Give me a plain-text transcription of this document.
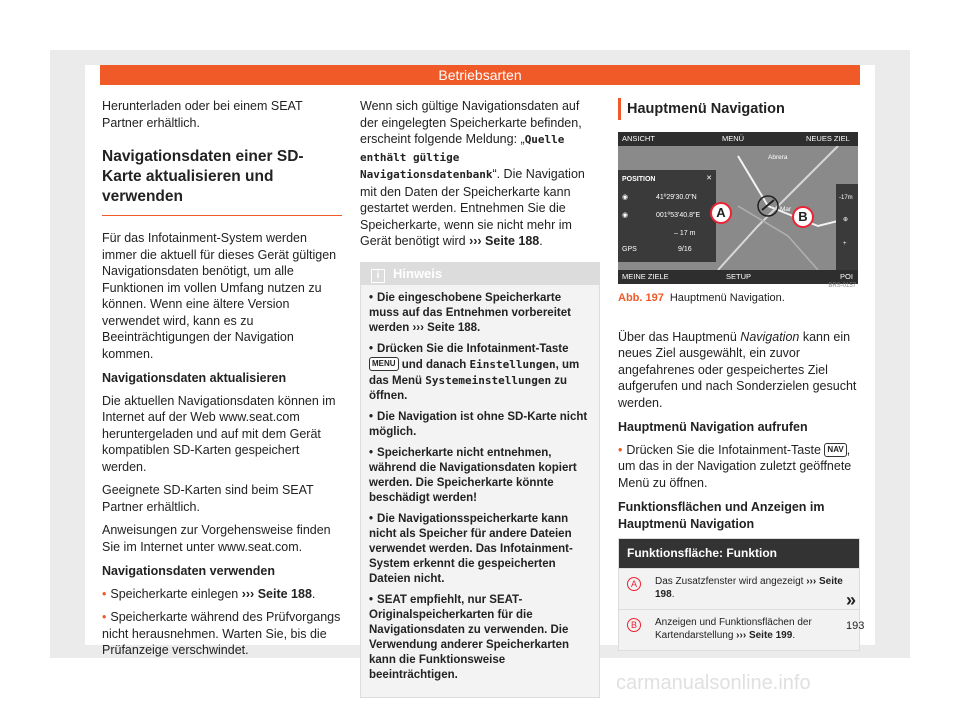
Betriebsarten

Herunterladen oder bei einem SEAT Partner erhältlich.

Navigationsdaten einer SD-Karte aktualisieren und verwenden

Für das Infotainment-System werden immer die aktuell für dieses Gerät gültigen Navigationsdaten benötigt, um alle Funktionen im vollen Umfang nutzen zu können. Wenn eine ältere Version verwendet wird, kann es zu Beeinträchtigungen der Navigation kommen.

Navigationsdaten aktualisieren

Die aktuellen Navigationsdaten können im Internet auf der Web www.seat.com heruntergeladen und auf mit dem Gerät kompatiblen SD-Karten gespeichert werden.

Geeignete SD-Karten sind beim SEAT Partner erhältlich.

Anweisungen zur Vorgehensweise finden Sie im Internet unter www.seat.com.

Navigationsdaten verwenden

• Speicherkarte einlegen ››› Seite 188.

• Speicherkarte während des Prüfvorgangs nicht herausnehmen. Warten Sie, bis die Prüfanzeige verschwindet.

Wenn sich gültige Navigationsdaten auf der eingelegten Speicherkarte befinden, erscheint folgende Meldung: „Quelle enthält gültige Navigationsdatenbank“. Die Navigation mit den Daten der Speicherkarte kann gestartet werden. Entnehmen Sie die Speicherkarte, wenn sie nicht mehr im Gerät benötigt wird ››› Seite 188.

i Hinweis

• Die eingeschobene Speicherkarte muss auf das Entnehmen vorbereitet werden ››› Seite 188.

• Drücken Sie die Infotainment-Taste MENU und danach Einstellungen, um das Menü Systemeinstellungen zu öffnen.

• Die Navigation ist ohne SD-Karte nicht möglich.

• Speicherkarte nicht entnehmen, während die Navigationsdaten kopiert werden. Die Speicherkarte könnte beschädigt werden!

• Die Navigationsspeicherkarte kann nicht als Speicher für andere Dateien verwendet werden. Das Infotainment-System erkennt die gespeicherten Dateien nicht.

• SEAT empfiehlt, nur SEAT-Originalspeicherkarten für die Navigationsdaten zu verwenden. Die Verwendung anderer Speicherkarten kann die Funktionsweise beeinträchtigen.

Hauptmenü Navigation
ANSICHT	MENÜ	NEUES ZIEL
Abrera
Mar
POSITION	✕
◉	41º29'30.0"N
◉	001º53'40.8"E
– 17 m
GPS	9/16
-17m
⊕
+
A	B
MEINE ZIELE	SETUP	POI
BRS-0157
Abb. 197 Hauptmenü Navigation.

Über das Hauptmenü Navigation kann ein neues Ziel ausgewählt, ein zuvor angefahrenes oder gespeichertes Ziel aufgerufen und nach Sonderzielen gesucht werden.

Hauptmenü Navigation aufrufen

• Drücken Sie die Infotainment-Taste NAV , um das in der Navigation zuletzt geöffnete Menü zu öffnen.

Funktionsflächen und Anzeigen im Hauptmenü Navigation
Funktionsfläche: Funktion
A	Das Zusatzfenster wird angezeigt ››› Seite 198.
B	Anzeigen und Funktionsflächen der Kartendarstellung ››› Seite 199.
»
193
carmanualsonline.info
